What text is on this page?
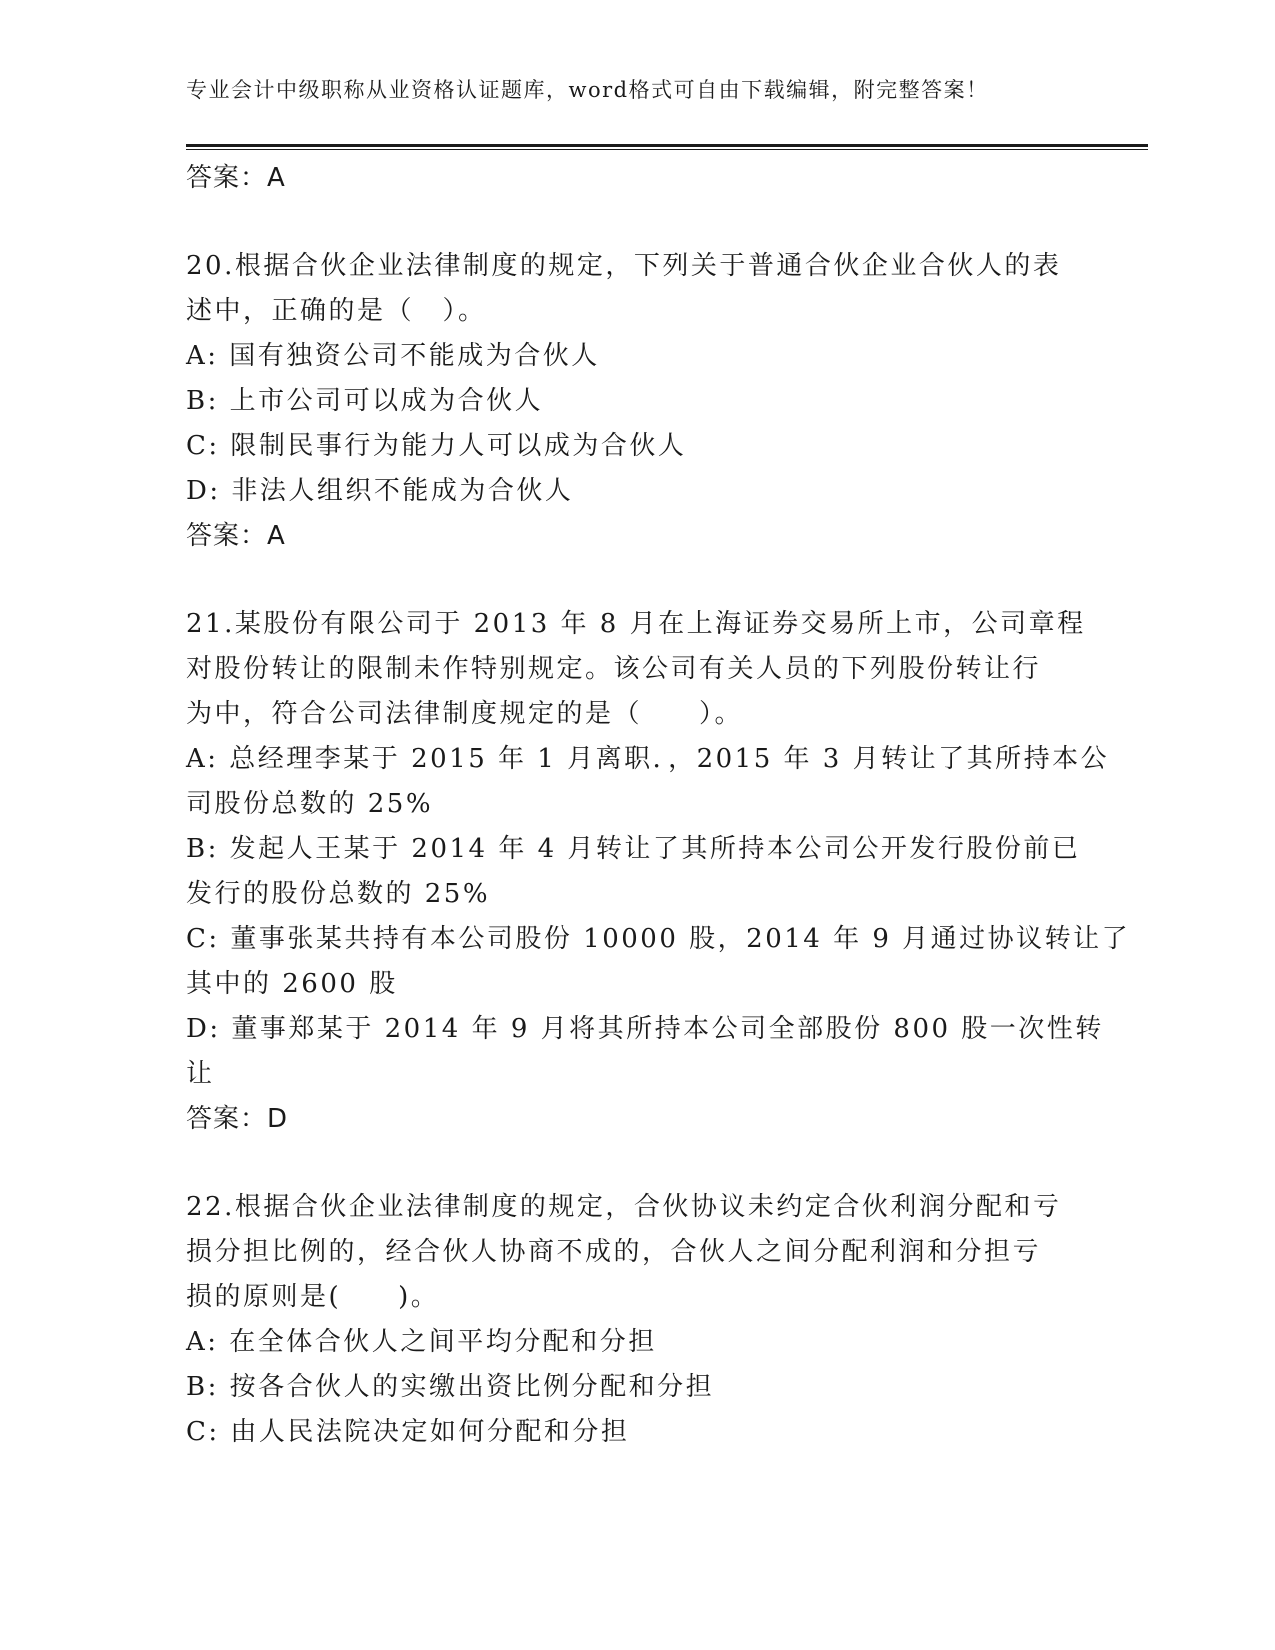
专业会计中级职称从业资格认证题库，word格式可自由下载编辑，附完整答案！
答案：A
20.根据合伙企业法律制度的规定，下列关于普通合伙企业合伙人的表
述中，正确的是（　）。
A: 国有独资公司不能成为合伙人
B: 上市公司可以成为合伙人
C: 限制民事行为能力人可以成为合伙人
D: 非法人组织不能成为合伙人
答案：A
21.某股份有限公司于 2013 年 8 月在上海证券交易所上市，公司章程
对股份转让的限制未作特别规定。该公司有关人员的下列股份转让行
为中，符合公司法律制度规定的是（　　）。
A: 总经理李某于 2015 年 1 月离职．，2015 年 3 月转让了其所持本公
司股份总数的 25%
B: 发起人王某于 2014 年 4 月转让了其所持本公司公开发行股份前已
发行的股份总数的 25%
C: 董事张某共持有本公司股份 10000 股，2014 年 9 月通过协议转让了
其中的 2600 股
D: 董事郑某于 2014 年 9 月将其所持本公司全部股份 800 股一次性转
让
答案：D
22.根据合伙企业法律制度的规定，合伙协议未约定合伙利润分配和亏
损分担比例的，经合伙人协商不成的，合伙人之间分配利润和分担亏
损的原则是(　　)。
A: 在全体合伙人之间平均分配和分担
B: 按各合伙人的实缴出资比例分配和分担
C: 由人民法院决定如何分配和分担
